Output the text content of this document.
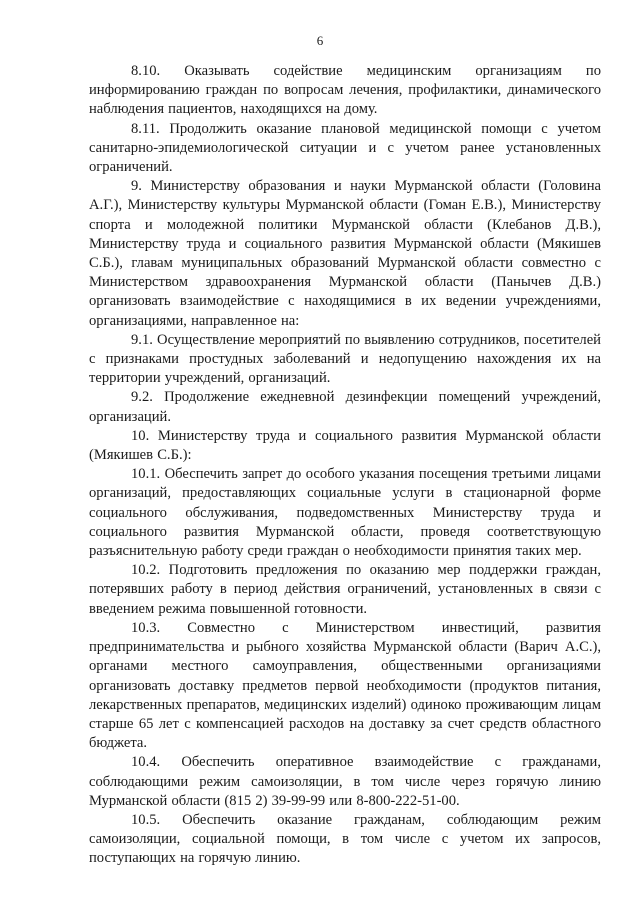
6

8.10. Оказывать содействие медицинским организациям по информированию граждан по вопросам лечения, профилактики, динамического наблюдения пациентов, находящихся на дому.

8.11. Продолжить оказание плановой медицинской помощи с учетом санитарно-эпидемиологической ситуации и с учетом ранее установленных ограничений.

9. Министерству образования и науки Мурманской области (Головина А.Г.), Министерству культуры Мурманской области (Гоман Е.В.), Министерству спорта и молодежной политики Мурманской области (Клебанов Д.В.), Министерству труда и социального развития Мурманской области (Мякишев С.Б.), главам муниципальных образований Мурманской области совместно с Министерством здравоохранения Мурманской области (Панычев Д.В.) организовать взаимодействие с находящимися в их ведении учреждениями, организациями, направленное на:

9.1. Осуществление мероприятий по выявлению сотрудников, посетителей с признаками простудных заболеваний и недопущению нахождения их на территории учреждений, организаций.

9.2. Продолжение ежедневной дезинфекции помещений учреждений, организаций.

10. Министерству труда и социального развития Мурманской области (Мякишев С.Б.):

10.1. Обеспечить запрет до особого указания посещения третьими лицами организаций, предоставляющих социальные услуги в стационарной форме социального обслуживания, подведомственных Министерству труда и социального развития Мурманской области, проведя соответствующую разъяснительную работу среди граждан о необходимости принятия таких мер.

10.2. Подготовить предложения по оказанию мер поддержки граждан, потерявших работу в период действия ограничений, установленных в связи с введением режима повышенной готовности.

10.3. Совместно с Министерством инвестиций, развития предпринимательства и рыбного хозяйства Мурманской области (Варич А.С.), органами местного самоуправления, общественными организациями организовать доставку предметов первой необходимости (продуктов питания, лекарственных препаратов, медицинских изделий) одиноко проживающим лицам старше 65 лет с компенсацией расходов на доставку за счет средств областного бюджета.

10.4. Обеспечить оперативное взаимодействие с гражданами, соблюдающими режим самоизоляции, в том числе через горячую линию Мурманской области (815 2) 39-99-99 или 8-800-222-51-00.

10.5. Обеспечить оказание гражданам, соблюдающим режим самоизоляции, социальной помощи, в том числе с учетом их запросов, поступающих на горячую линию.
